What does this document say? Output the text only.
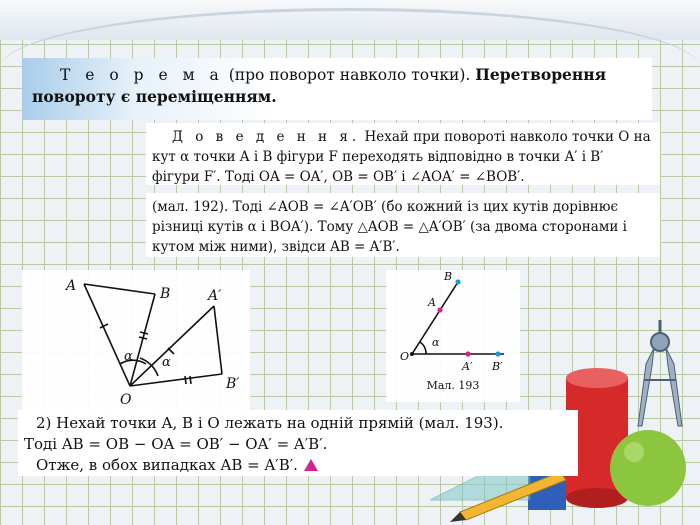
Т е о р е м а (про поворот навколо точки). Перетворення повороту є переміщенням.
Д о в е д е н н я. Нехай при повороті навколо точки O на кут α точки A і B фігури F переходять відповідно в точки A′ і B′ фігури F′. Тоді OA = OA′, OB = OB′ і ∠AOA′ = ∠BOB′.
(мал. 192). Тоді ∠AOB = ∠A′OB′ (бо кожний із цих кутів дорівнює різниці кутів α і BOA′). Тому △AOB = △A′OB′ (за двома сторонами і кутом між ними), звідси AB = A′B′.
A	B	A′
B′
O
α α
B
A
O
α
A′ B′
Мал. 193
2) Нехай точки A, B і O лежать на одній прямій (мал. 193).
Тоді AB = OB − OA = OB′ − OA′ = A′B′.
Отже, в обох випадках AB = A′B′.
